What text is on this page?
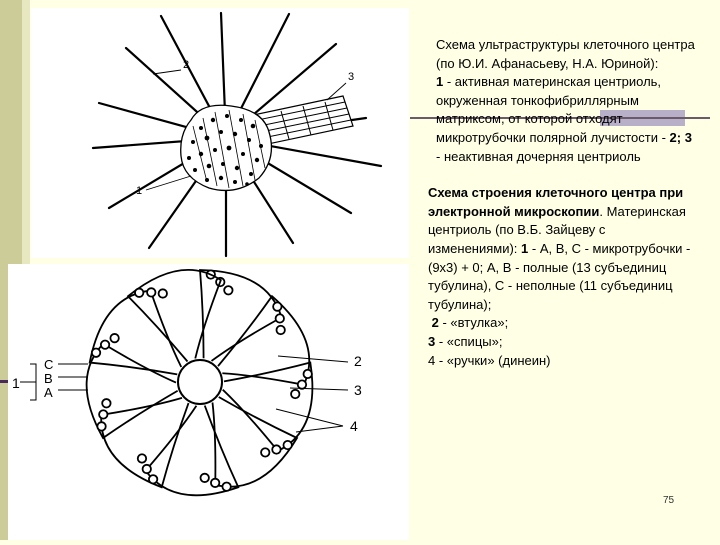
2
3
1
1
C
B
A
2
3
4

Схема ультраструктуры клеточного центра (по Ю.И. Афанасьеву, Н.А. Юриной):
1 - активная материнская центриоль, окруженная тонкофибриллярным матриксом, от которой отходят микротрубочки полярной лучистости - 2; 3 - неактивная дочерняя центриоль

Схема строения клеточного центра при электронной микроскопии. Материнская центриоль (по В.Б. Зайцеву с изменениями): 1 - A, B, C - микротрубочки - (9х3) + 0; A, B - полные (13 субъединиц тубулина), С - неполные (11 субъединиц тубулина);
2 - «втулка»;
3 - «спицы»;
4 - «ручки» (динеин)

75
